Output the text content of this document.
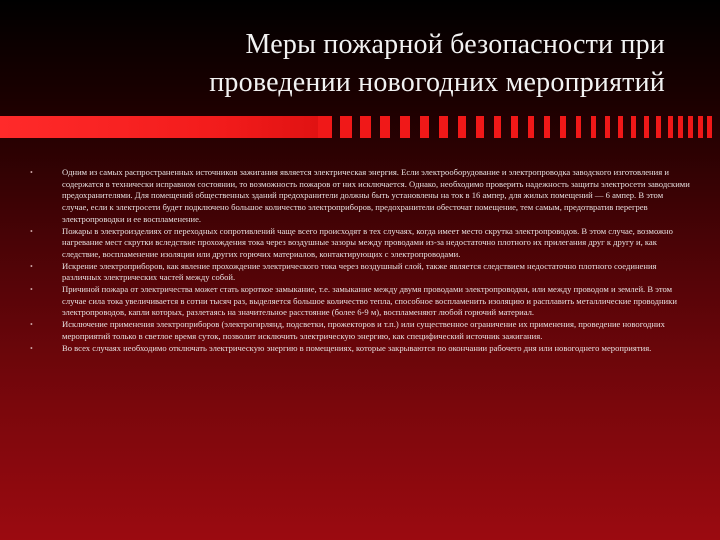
Меры пожарной безопасности при
проведении новогодних мероприятий
•	Одним из самых распространенных источников зажигания является электрическая энергия. Если электрооборудование и электропроводка заводского изготовления и содержатся в технически исправном состоянии, то возможность пожаров от них исключается. Однако, необходимо проверить надежность защиты электросети заводскими предохранителями. Для помещений общественных зданий предохранители должны быть установлены на ток в 16 ампер, для жилых помещений — 6 ампер. В этом случае, если к электросети будет подключено большое количество электроприборов, предохранители обесточат помещение, тем самым, предотвратив перегрев электропроводки и ее воспламенение.
•	Пожары в электроизделиях от переходных сопротивлений чаще всего происходят в тех случаях, когда имеет место скрутка электропроводов. В этом случае, возможно нагревание мест скрутки вследствие прохождения тока через воздушные зазоры между проводами из-за недостаточно плотного их прилегания друг к другу и, как следствие, воспламенение изоляции или других горючих материалов, контактирующих с электропроводами.
•	Искрение электроприборов, как явление прохождение электрического тока через воздушный слой, также является следствием недостаточно плотного соединения различных электрических частей между собой.
•	Причиной пожара от электричества может стать короткое замыкание, т.е. замыкание между двумя проводами электропроводки, или между проводом и землей. В этом случае сила тока увеличивается в сотни тысяч раз, выделяется большое количество тепла, способное воспламенить изоляцию и расплавить металлические проводники электропроводов, капли которых, разлетаясь на значительное расстояние (более 6-9 м), воспламеняют любой горючий материал.
•	Исключение применения электроприборов (электрогирлянд, подсветки, прожекторов и т.п.) или существенное ограничение их применения, проведение новогодних мероприятий только в светлое время суток, позволит исключить электрическую энергию, как специфический источник зажигания.
•	Во всех случаях необходимо отключать электрическую энергию в помещениях, которые закрываются по окончании рабочего дня или новогоднего мероприятия.
